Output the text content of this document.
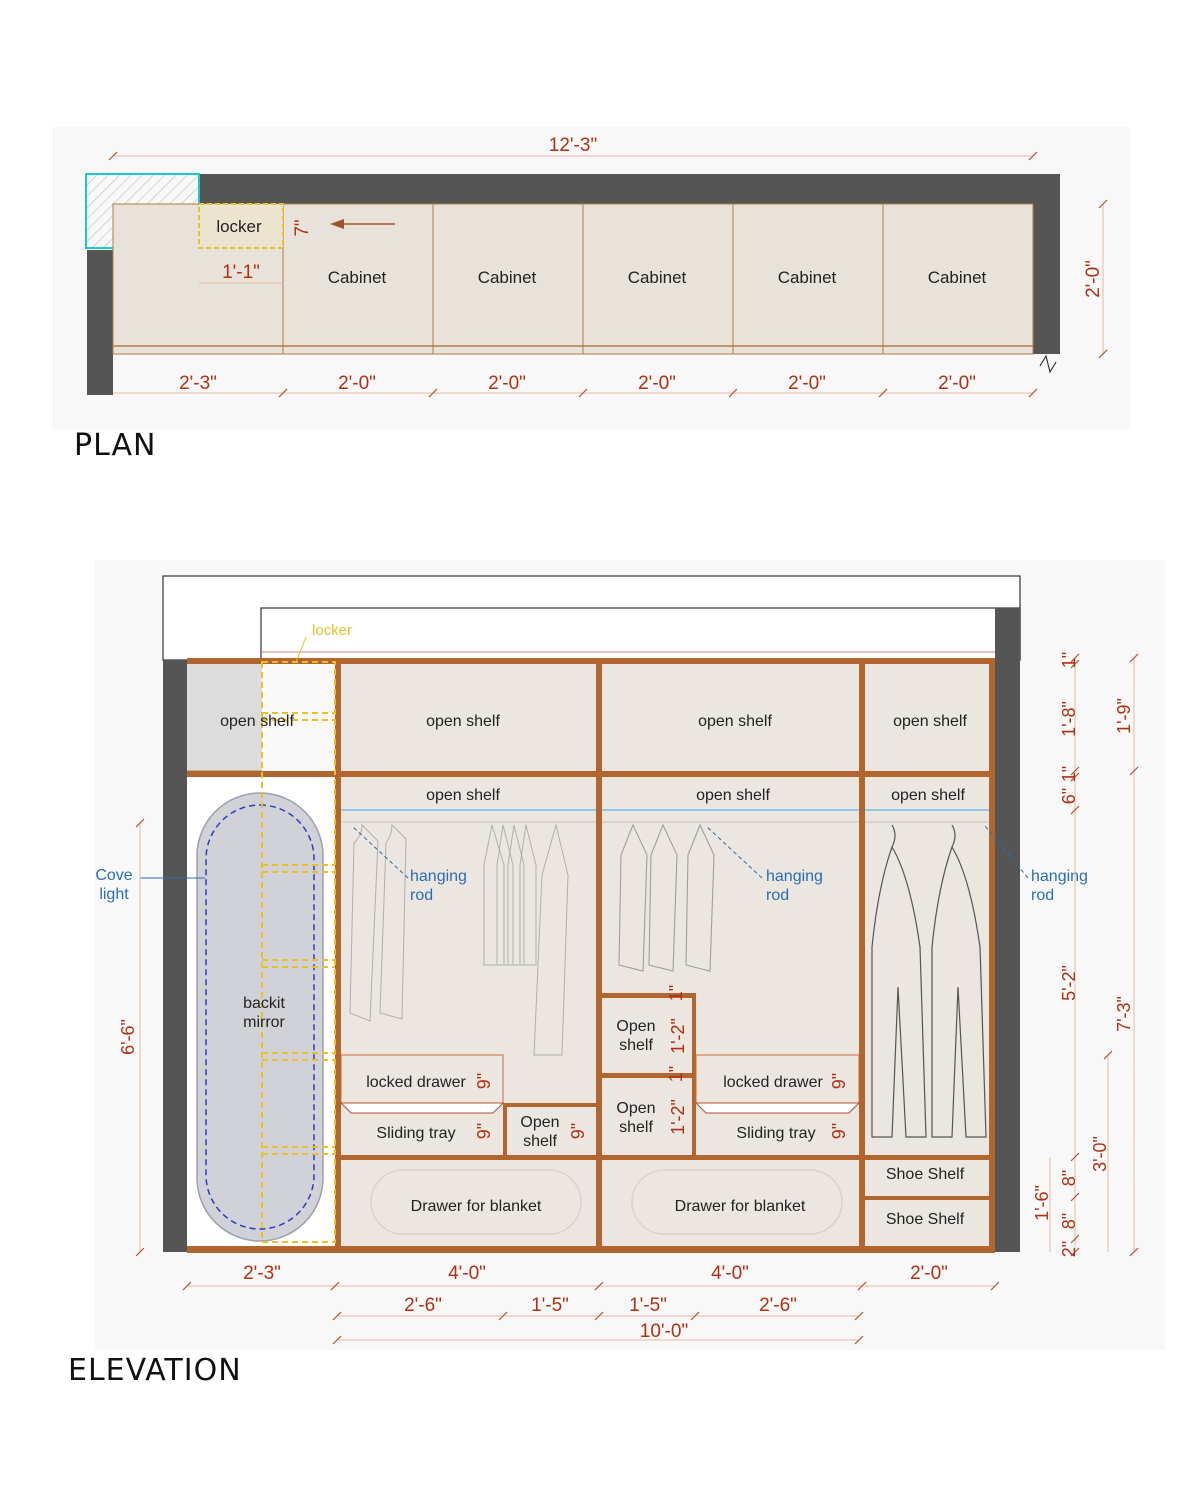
12'-3"
locker
1'-1"
7"
Cabinet	Cabinet	Cabinet	Cabinet	Cabinet	2'-0"
2'-3"	2'-0"	2'-0"	2'-0"	2'-0"	2'-0"
PLAN
locker
open shelf	open shelf	open shelf	open shelf
open shelf	open shelf	open shelf
hanging rod
hanging rod
hanging rod
Cove light
backit mirror
locked drawer	locked drawer
Sliding tray	Sliding tray
Open shelf
Open shelf
Open shelf
Drawer for blanket	Drawer for blanket
Shoe Shelf
Shoe Shelf
9"
9"	9"
1'-2"
1'-2"
9"
9"
1"
1"
6'-6"
1"
1'-8"
1"
6"
5'-2"
8"
8"
2"
1'-6"
1'-9"
7'-3"
3'-0"
2'-3"	4'-0"	4'-0"	2'-0"
2'-6"	1'-5"	1'-5"	2'-6"
10'-0"
ELEVATION
